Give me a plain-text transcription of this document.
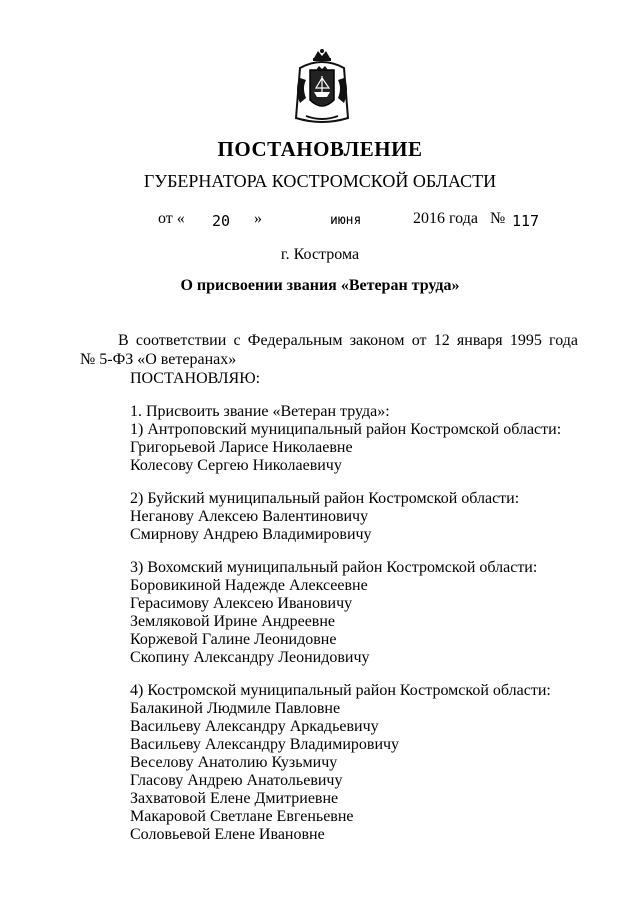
ПОСТАНОВЛЕНИЕ
ГУБЕРНАТОРА КОСТРОМСКОЙ ОБЛАСТИ
от « 20 »	июня	2016 года № 117
г. Кострома
О присвоении звания «Ветеран труда»
В соответствии с Федеральным законом от 12 января 1995 года
№ 5-ФЗ «О ветеранах»
ПОСТАНОВЛЯЮ:
1. Присвоить звание «Ветеран труда»:
1) Антроповский муниципальный район Костромской области:
Григорьевой Ларисе Николаевне
Колесову Сергею Николаевичу
2) Буйский муниципальный район Костромской области:
Неганову Алексею Валентиновичу
Смирнову Андрею Владимировичу
3) Вохомский муниципальный район Костромской области:
Боровикиной Надежде Алексеевне
Герасимову Алексею Ивановичу
Земляковой Ирине Андреевне
Коржевой Галине Леонидовне
Скопину Александру Леонидовичу
4) Костромской муниципальный район Костромской области:
Балакиной Людмиле Павловне
Васильеву Александру Аркадьевичу
Васильеву Александру Владимировичу
Веселову Анатолию Кузьмичу
Гласову Андрею Анатольевичу
Захватовой Елене Дмитриевне
Макаровой Светлане Евгеньевне
Соловьевой Елене Ивановне
